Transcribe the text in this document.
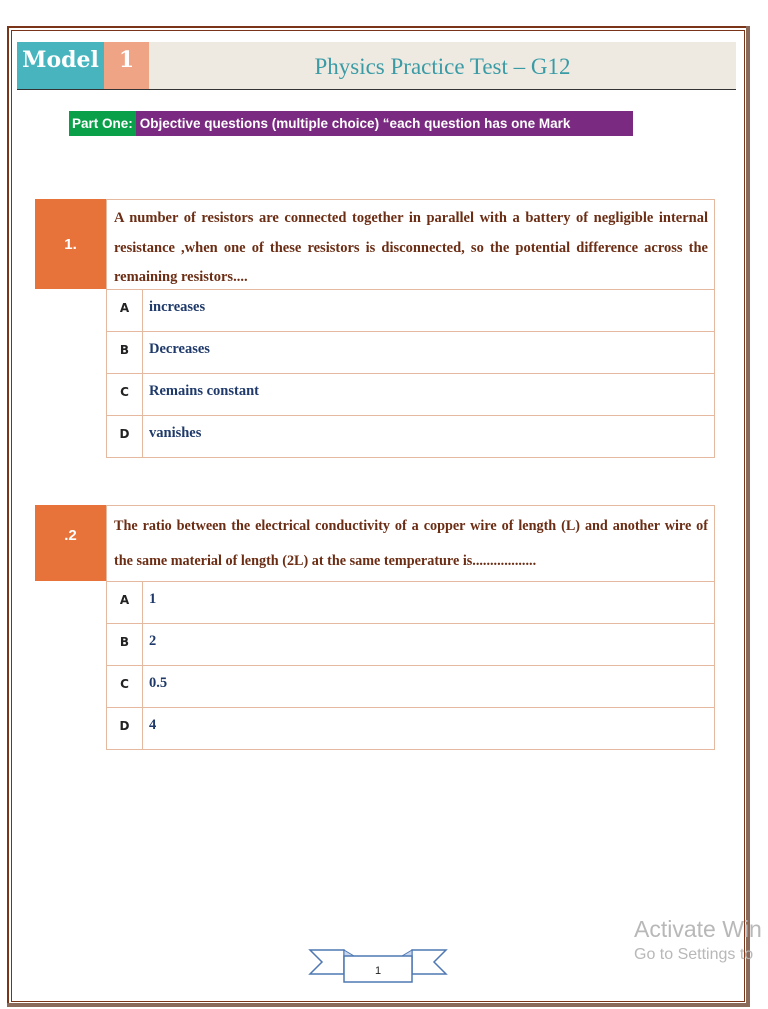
Model 1	Physics Practice Test – G12
Part One: Objective questions (multiple choice) “each question has one Mark
1.

A number of resistors are connected together in parallel with a battery of negligible internal resistance ,when one of these resistors is disconnected, so the potential difference across the remaining resistors....

A	increases
B	Decreases
C	Remains constant
D	vanishes
.2

The ratio between the electrical conductivity of a copper wire of length (L) and another wire of the same material of length (2L) at the same temperature is..................

A	1
B	2
C	0.5
D	4
1
Activate Win
Go to Settings to
